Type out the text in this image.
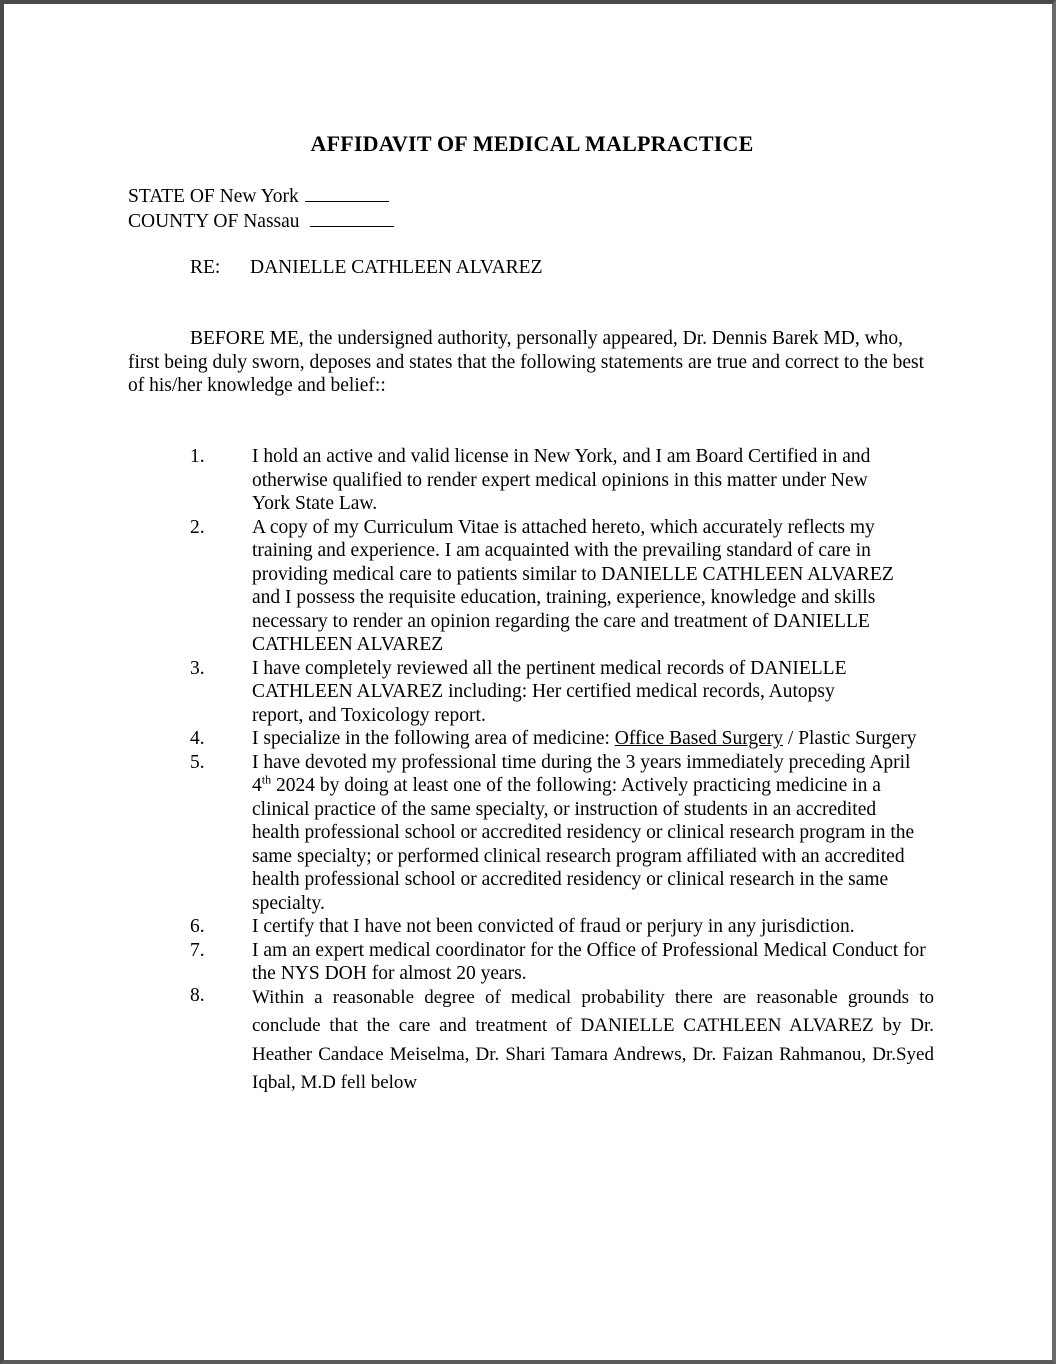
AFFIDAVIT OF MEDICAL MALPRACTICE
STATE OF New York
COUNTY OF Nassau
RE: DANIELLE CATHLEEN ALVAREZ
BEFORE ME, the undersigned authority, personally appeared, Dr. Dennis Barek MD, who, first being duly sworn, deposes and states that the following statements are true and correct to the best of his/her knowledge and belief::
1.	I hold an active and valid license in New York, and I am Board Certified in and otherwise qualified to render expert medical opinions in this matter under New York State Law.
2.	A copy of my Curriculum Vitae is attached hereto, which accurately reflects my training and experience. I am acquainted with the prevailing standard of care in providing medical care to patients similar to DANIELLE CATHLEEN ALVAREZ and I possess the requisite education, training, experience, knowledge and skills necessary to render an opinion regarding the care and treatment of DANIELLE CATHLEEN ALVAREZ
3.	I have completely reviewed all the pertinent medical records of DANIELLE CATHLEEN ALVAREZ including: Her certified medical records, Autopsy report, and Toxicology report.
4.	I specialize in the following area of medicine: Office Based Surgery / Plastic Surgery
5.	I have devoted my professional time during the 3 years immediately preceding April 4th 2024 by doing at least one of the following: Actively practicing medicine in a clinical practice of the same specialty, or instruction of students in an accredited health professional school or accredited residency or clinical research program in the same specialty; or performed clinical research program affiliated with an accredited health professional school or accredited residency or clinical research in the same specialty.
6.	I certify that I have not been convicted of fraud or perjury in any jurisdiction.
7.	I am an expert medical coordinator for the Office of Professional Medical Conduct for the NYS DOH for almost 20 years.
8.	Within a reasonable degree of medical probability there are reasonable grounds to conclude that the care and treatment of DANIELLE CATHLEEN ALVAREZ by Dr. Heather Candace Meiselma, Dr. Shari Tamara Andrews, Dr. Faizan Rahmanou, Dr.Syed Iqbal, M.D fell below
